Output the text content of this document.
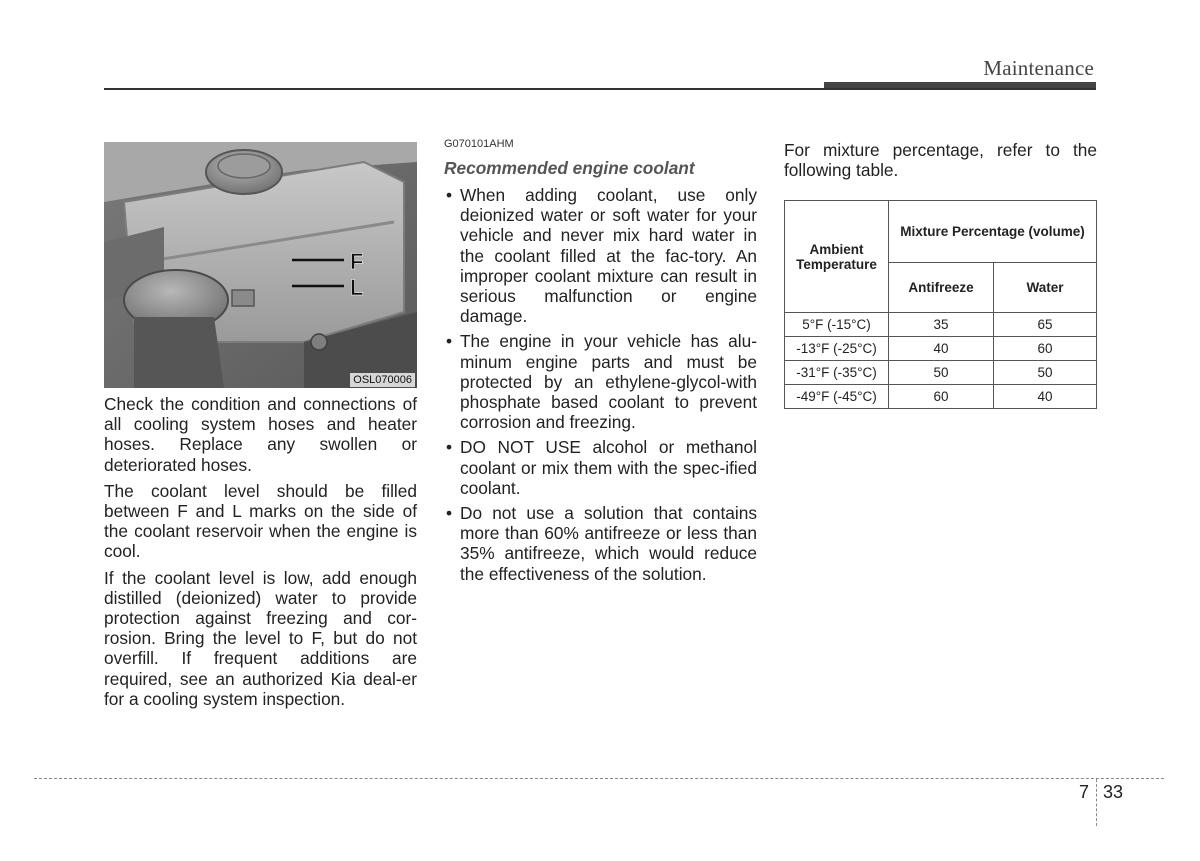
Maintenance
F
L
OSL070006

Check the condition and connections of all cooling system hoses and heater hoses. Replace any swollen or deteriorated hoses.

The coolant level should be filled between F and L marks on the side of the coolant reservoir when the engine is cool.

If the coolant level is low, add enough distilled (deionized) water to provide protection against freezing and cor-rosion. Bring the level to F, but do not overfill. If frequent additions are required, see an authorized Kia deal-er for a cooling system inspection.

G070101AHM
Recommended engine coolant
• When adding coolant, use only deionized water or soft water for your vehicle and never mix hard water in the coolant filled at the fac-tory. An improper coolant mixture can result in serious malfunction or engine damage.
• The engine in your vehicle has alu-minum engine parts and must be protected by an ethylene-glycol-with phosphate based coolant to prevent corrosion and freezing.
• DO NOT USE alcohol or methanol coolant or mix them with the spec-ified coolant.
• Do not use a solution that contains more than 60% antifreeze or less than 35% antifreeze, which would reduce the effectiveness of the solution.

For mixture percentage, refer to the following table.

Ambient
Temperature	Mixture Percentage (volume)	
	Antifreeze	Water
5°F (-15°C)	35	65
-13°F (-25°C)	40	60
-31°F (-35°C)	50	50
-49°F (-45°C)	60	40
7 33
